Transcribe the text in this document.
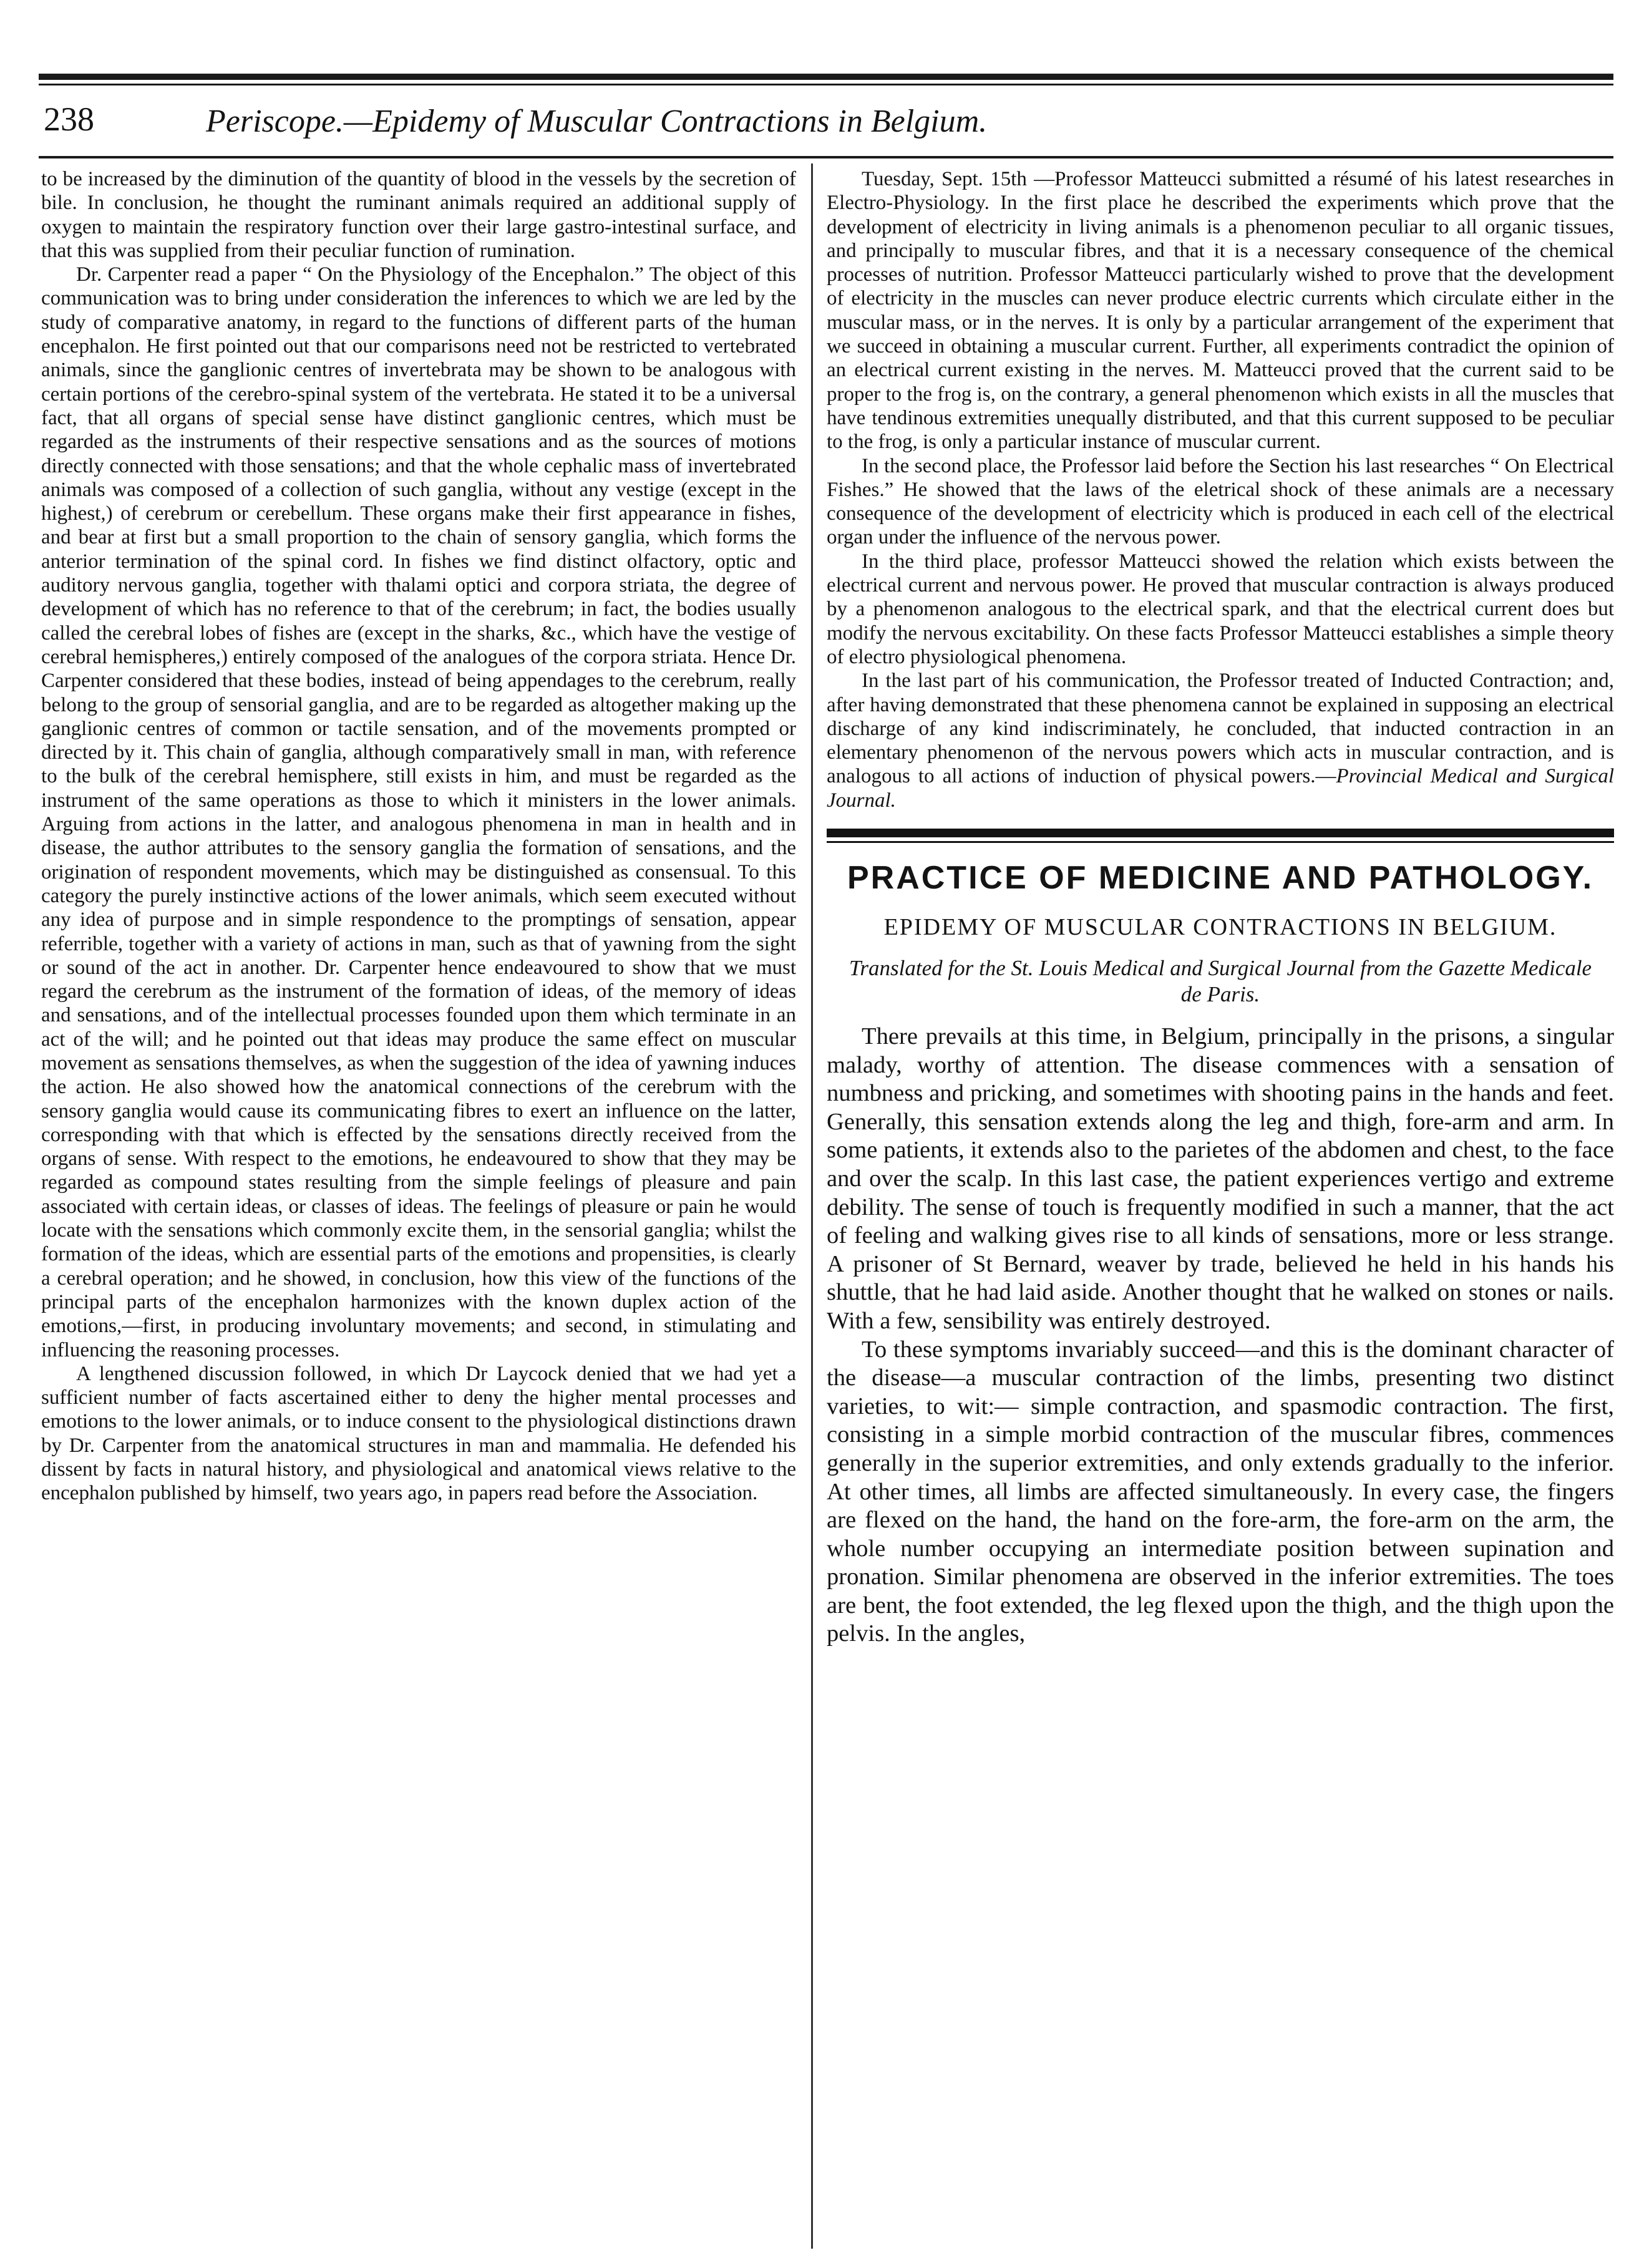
238	Periscope.—Epidemy of Muscular Contractions in Belgium.

to be increased by the diminution of the quantity of blood in the vessels by the secretion of bile. In conclusion, he thought the ruminant animals required an additional supply of oxygen to maintain the respiratory function over their large gastro-intestinal surface, and that this was supplied from their peculiar function of rumination.

Dr. Carpenter read a paper “ On the Physiology of the Encephalon.” The object of this communication was to bring under consideration the inferences to which we are led by the study of comparative anatomy, in regard to the functions of different parts of the human encephalon. He first pointed out that our comparisons need not be restricted to vertebrated animals, since the ganglionic centres of invertebrata may be shown to be analogous with certain portions of the cerebro-spinal system of the vertebrata. He stated it to be a universal fact, that all organs of special sense have distinct ganglionic centres, which must be regarded as the instruments of their respective sensations and as the sources of motions directly connected with those sensations; and that the whole cephalic mass of invertebrated animals was composed of a collection of such ganglia, without any vestige (except in the highest,) of cerebrum or cerebellum. These organs make their first appearance in fishes, and bear at first but a small proportion to the chain of sensory ganglia, which forms the anterior termination of the spinal cord. In fishes we find distinct olfactory, optic and auditory nervous ganglia, together with thalami optici and corpora striata, the degree of development of which has no reference to that of the cerebrum; in fact, the bodies usually called the cerebral lobes of fishes are (except in the sharks, &c., which have the vestige of cerebral hemispheres,) entirely composed of the analogues of the corpora striata. Hence Dr. Carpenter considered that these bodies, instead of being appendages to the cerebrum, really belong to the group of sensorial ganglia, and are to be regarded as altogether making up the ganglionic centres of common or tactile sensation, and of the movements prompted or directed by it. This chain of ganglia, although comparatively small in man, with reference to the bulk of the cerebral hemisphere, still exists in him, and must be regarded as the instrument of the same operations as those to which it ministers in the lower animals. Arguing from actions in the latter, and analogous phenomena in man in health and in disease, the author attributes to the sensory ganglia the formation of sensations, and the origination of respondent movements, which may be distinguished as consensual. To this category the purely instinctive actions of the lower animals, which seem executed without any idea of purpose and in simple respondence to the promptings of sensation, appear referrible, together with a variety of actions in man, such as that of yawning from the sight or sound of the act in another. Dr. Carpenter hence endeavoured to show that we must regard the cerebrum as the instrument of the formation of ideas, of the memory of ideas and sensations, and of the intellectual processes founded upon them which terminate in an act of the will; and he pointed out that ideas may produce the same effect on muscular movement as sensations themselves, as when the suggestion of the idea of yawning induces the action. He also showed how the anatomical connections of the cerebrum with the sensory ganglia would cause its communicating fibres to exert an influence on the latter, corresponding with that which is effected by the sensations directly received from the organs of sense. With respect to the emotions, he endeavoured to show that they may be regarded as compound states resulting from the simple feelings of pleasure and pain associated with certain ideas, or classes of ideas. The feelings of pleasure or pain he would locate with the sensations which commonly excite them, in the sensorial ganglia; whilst the formation of the ideas, which are essential parts of the emotions and propensities, is clearly a cerebral operation; and he showed, in conclusion, how this view of the functions of the principal parts of the encephalon harmonizes with the known duplex action of the emotions,—first, in producing involuntary movements; and second, in stimulating and influencing the reasoning processes.

A lengthened discussion followed, in which Dr Laycock denied that we had yet a sufficient number of facts ascertained either to deny the higher mental processes and emotions to the lower animals, or to induce consent to the physiological distinctions drawn by Dr. Carpenter from the anatomical structures in man and mammalia. He defended his dissent by facts in natural history, and physiological and anatomical views relative to the encephalon published by himself, two years ago, in papers read before the Association.

Tuesday, Sept. 15th —Professor Matteucci submitted a résumé of his latest researches in Electro-Physiology. In the first place he described the experiments which prove that the development of electricity in living animals is a phenomenon peculiar to all organic tissues, and principally to muscular fibres, and that it is a necessary consequence of the chemical processes of nutrition. Professor Matteucci particularly wished to prove that the development of electricity in the muscles can never produce electric currents which circulate either in the muscular mass, or in the nerves. It is only by a particular arrangement of the experiment that we succeed in obtaining a muscular current. Further, all experiments contradict the opinion of an electrical current existing in the nerves. M. Matteucci proved that the current said to be proper to the frog is, on the contrary, a general phenomenon which exists in all the muscles that have tendinous extremities unequally distributed, and that this current supposed to be peculiar to the frog, is only a particular instance of muscular current.

In the second place, the Professor laid before the Section his last researches “ On Electrical Fishes.” He showed that the laws of the eletrical shock of these animals are a necessary consequence of the development of electricity which is produced in each cell of the electrical organ under the influence of the nervous power.

In the third place, professor Matteucci showed the relation which exists between the electrical current and nervous power. He proved that muscular contraction is always produced by a phenomenon analogous to the electrical spark, and that the electrical current does but modify the nervous excitability. On these facts Professor Matteucci establishes a simple theory of electro physiological phenomena.

In the last part of his communication, the Professor treated of Inducted Contraction; and, after having demonstrated that these phenomena cannot be explained in supposing an electrical discharge of any kind indiscriminately, he concluded, that inducted contraction in an elementary phenomenon of the nervous powers which acts in muscular contraction, and is analogous to all actions of induction of physical powers.—Provincial Medical and Surgical Journal.

PRACTICE OF MEDICINE AND PATHOLOGY.
EPIDEMY OF MUSCULAR CONTRACTIONS IN BELGIUM.
Translated for the St. Louis Medical and Surgical Journal from the Gazette Medicale de Paris.

There prevails at this time, in Belgium, principally in the prisons, a singular malady, worthy of attention. The disease commences with a sensation of numbness and pricking, and sometimes with shooting pains in the hands and feet. Generally, this sensation extends along the leg and thigh, fore-arm and arm. In some patients, it extends also to the parietes of the abdomen and chest, to the face and over the scalp. In this last case, the patient experiences vertigo and extreme debility. The sense of touch is frequently modified in such a manner, that the act of feeling and walking gives rise to all kinds of sensations, more or less strange. A prisoner of St Bernard, weaver by trade, believed he held in his hands his shuttle, that he had laid aside. Another thought that he walked on stones or nails. With a few, sensibility was entirely destroyed.

To these symptoms invariably succeed—and this is the dominant character of the disease—a muscular contraction of the limbs, presenting two distinct varieties, to wit:— simple contraction, and spasmodic contraction. The first, consisting in a simple morbid contraction of the muscular fibres, commences generally in the superior extremities, and only extends gradually to the inferior. At other times, all limbs are affected simultaneously. In every case, the fingers are flexed on the hand, the hand on the fore-arm, the fore-arm on the arm, the whole number occupying an intermediate position between supination and pronation. Similar phenomena are observed in the inferior extremities. The toes are bent, the foot extended, the leg flexed upon the thigh, and the thigh upon the pelvis. In the angles,
